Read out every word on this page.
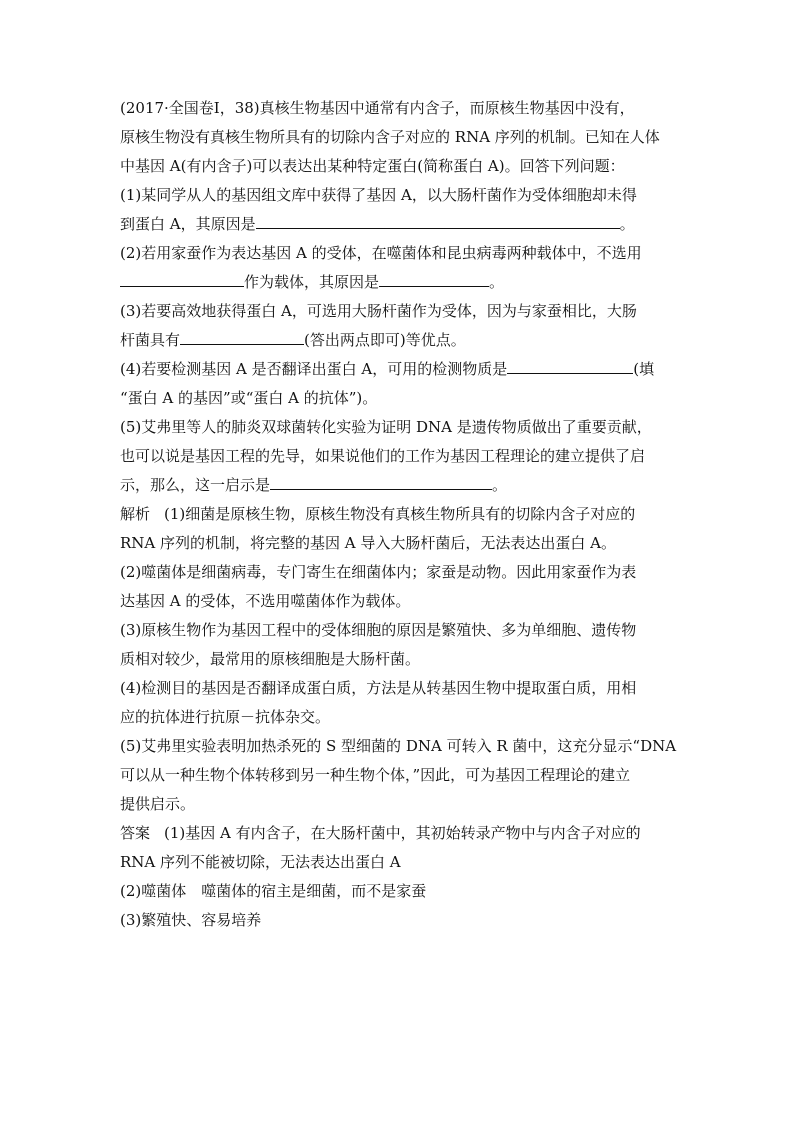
(2017·全国卷Ⅰ，38)真核生物基因中通常有内含子，而原核生物基因中没有，

原核生物没有真核生物所具有的切除内含子对应的 RNA 序列的机制。已知在人体

中基因 A(有内含子)可以表达出某种特定蛋白(简称蛋白 A)。回答下列问题：

(1)某同学从人的基因组文库中获得了基因 A，以大肠杆菌作为受体细胞却未得

到蛋白 A，其原因是	。

(2)若用家蚕作为表达基因 A 的受体，在噬菌体和昆虫病毒两种载体中，不选用

作为载体，其原因是	。

(3)若要高效地获得蛋白 A，可选用大肠杆菌作为受体，因为与家蚕相比，大肠

杆菌具有	(答出两点即可)等优点。

(4)若要检测基因 A 是否翻译出蛋白 A，可用的检测物质是	(填

“蛋白 A 的基因”或“蛋白 A 的抗体”)。

(5)艾弗里等人的肺炎双球菌转化实验为证明 DNA 是遗传物质做出了重要贡献，

也可以说是基因工程的先导，如果说他们的工作为基因工程理论的建立提供了启

示，那么，这一启示是	。

解析 (1)细菌是原核生物，原核生物没有真核生物所具有的切除内含子对应的

RNA 序列的机制，将完整的基因 A 导入大肠杆菌后，无法表达出蛋白 A。

(2)噬菌体是细菌病毒，专门寄生在细菌体内；家蚕是动物。因此用家蚕作为表

达基因 A 的受体，不选用噬菌体作为载体。

(3)原核生物作为基因工程中的受体细胞的原因是繁殖快、多为单细胞、遗传物

质相对较少，最常用的原核细胞是大肠杆菌。

(4)检测目的基因是否翻译成蛋白质，方法是从转基因生物中提取蛋白质，用相

应的抗体进行抗原－抗体杂交。

(5)艾弗里实验表明加热杀死的 S 型细菌的 DNA 可转入 R 菌中，这充分显示“DNA

可以从一种生物个体转移到另一种生物个体，”因此，可为基因工程理论的建立

提供启示。

答案 (1)基因 A 有内含子，在大肠杆菌中，其初始转录产物中与内含子对应的

RNA 序列不能被切除，无法表达出蛋白 A

(2)噬菌体　噬菌体的宿主是细菌，而不是家蚕

(3)繁殖快、容易培养
